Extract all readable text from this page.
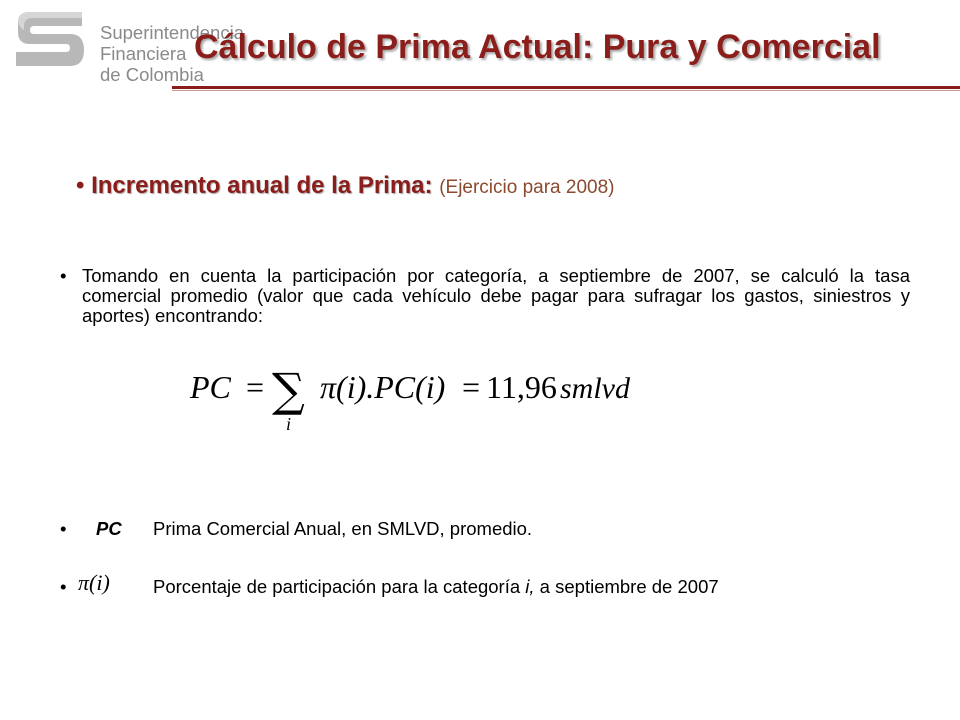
Superintendencia
Financiera
de Colombia
Cálculo de Prima Actual: Pura y Comercial
• Incremento anual de la Prima: (Ejercicio para 2008)
• Tomando en cuenta la participación por categoría, a septiembre de 2007, se calculó la tasa comercial promedio (valor que cada vehículo debe pagar para sufragar los gastos, siniestros y aportes) encontrando:
PC = ∑
i
π(i).PC(i) = 11,96 smlvd
• PC Prima Comercial Anual, en SMLVD, promedio.
• π(i) Porcentaje de participación para la categoría i, a septiembre de 2007
